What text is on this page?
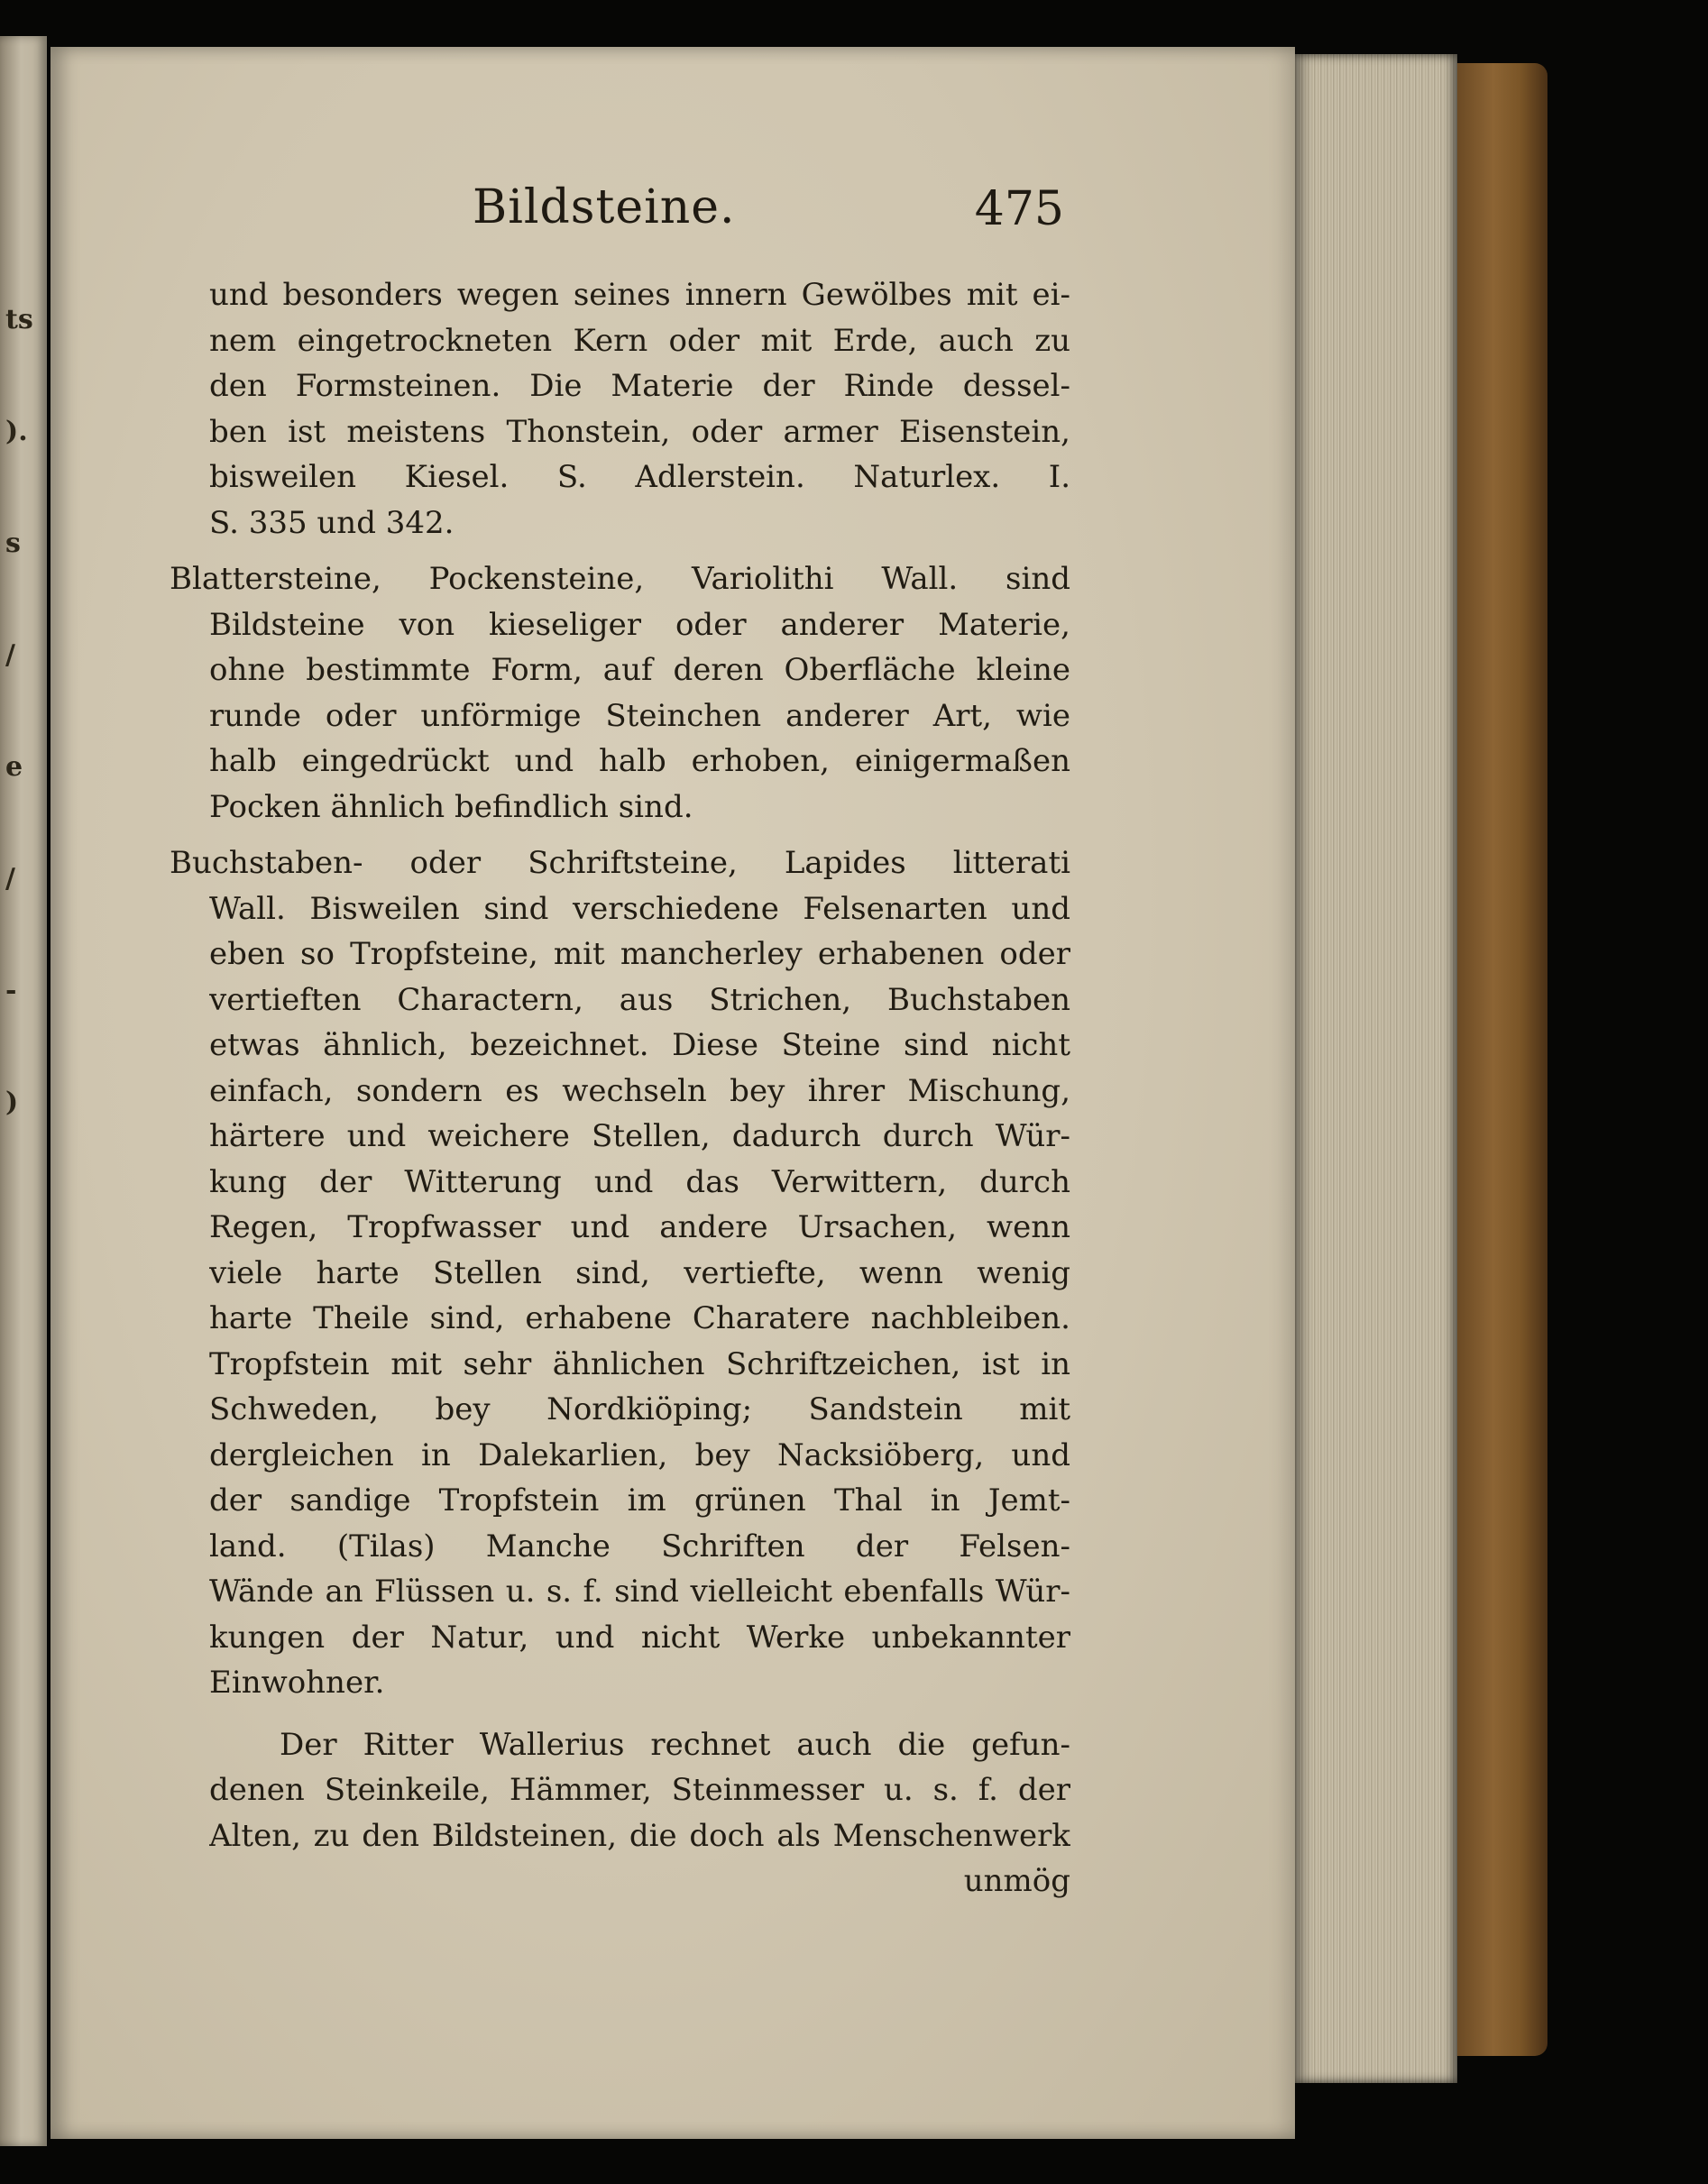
ts
).
s
/
e
/
-
)
Bildsteine.	475
und besonders wegen seines innern Gewölbes mit ei-
nem eingetrockneten Kern oder mit Erde, auch zu
den Formsteinen. Die Materie der Rinde dessel-
ben ist meistens Thonstein, oder armer Eisenstein,
bisweilen Kiesel. S. Adlerstein. Naturlex. I.
S. 335 und 342.
Blattersteine, Pockensteine, Variolithi Wall. sind
Bildsteine von kieseliger oder anderer Materie,
ohne bestimmte Form, auf deren Oberfläche kleine
runde oder unförmige Steinchen anderer Art, wie
halb eingedrückt und halb erhoben, einigermaßen
Pocken ähnlich befindlich sind.
Buchstaben- oder Schriftsteine, Lapides litterati
Wall. Bisweilen sind verschiedene Felsenarten und
eben so Tropfsteine, mit mancherley erhabenen oder
vertieften Charactern, aus Strichen, Buchstaben
etwas ähnlich, bezeichnet. Diese Steine sind nicht
einfach, sondern es wechseln bey ihrer Mischung,
härtere und weichere Stellen, dadurch durch Wür-
kung der Witterung und das Verwittern, durch
Regen, Tropfwasser und andere Ursachen, wenn
viele harte Stellen sind, vertiefte, wenn wenig
harte Theile sind, erhabene Charatere nachbleiben.
Tropfstein mit sehr ähnlichen Schriftzeichen, ist in
Schweden, bey Nordkiöping; Sandstein mit
dergleichen in Dalekarlien, bey Nacksiöberg, und
der sandige Tropfstein im grünen Thal in Jemt-
land. (Tilas) Manche Schriften der Felsen-
Wände an Flüssen u. s. f. sind vielleicht ebenfalls Wür-
kungen der Natur, und nicht Werke unbekannter
Einwohner.
Der Ritter Wallerius rechnet auch die gefun-
denen Steinkeile, Hämmer, Steinmesser u. s. f. der
Alten, zu den Bildsteinen, die doch als Menschenwerk
unmög
